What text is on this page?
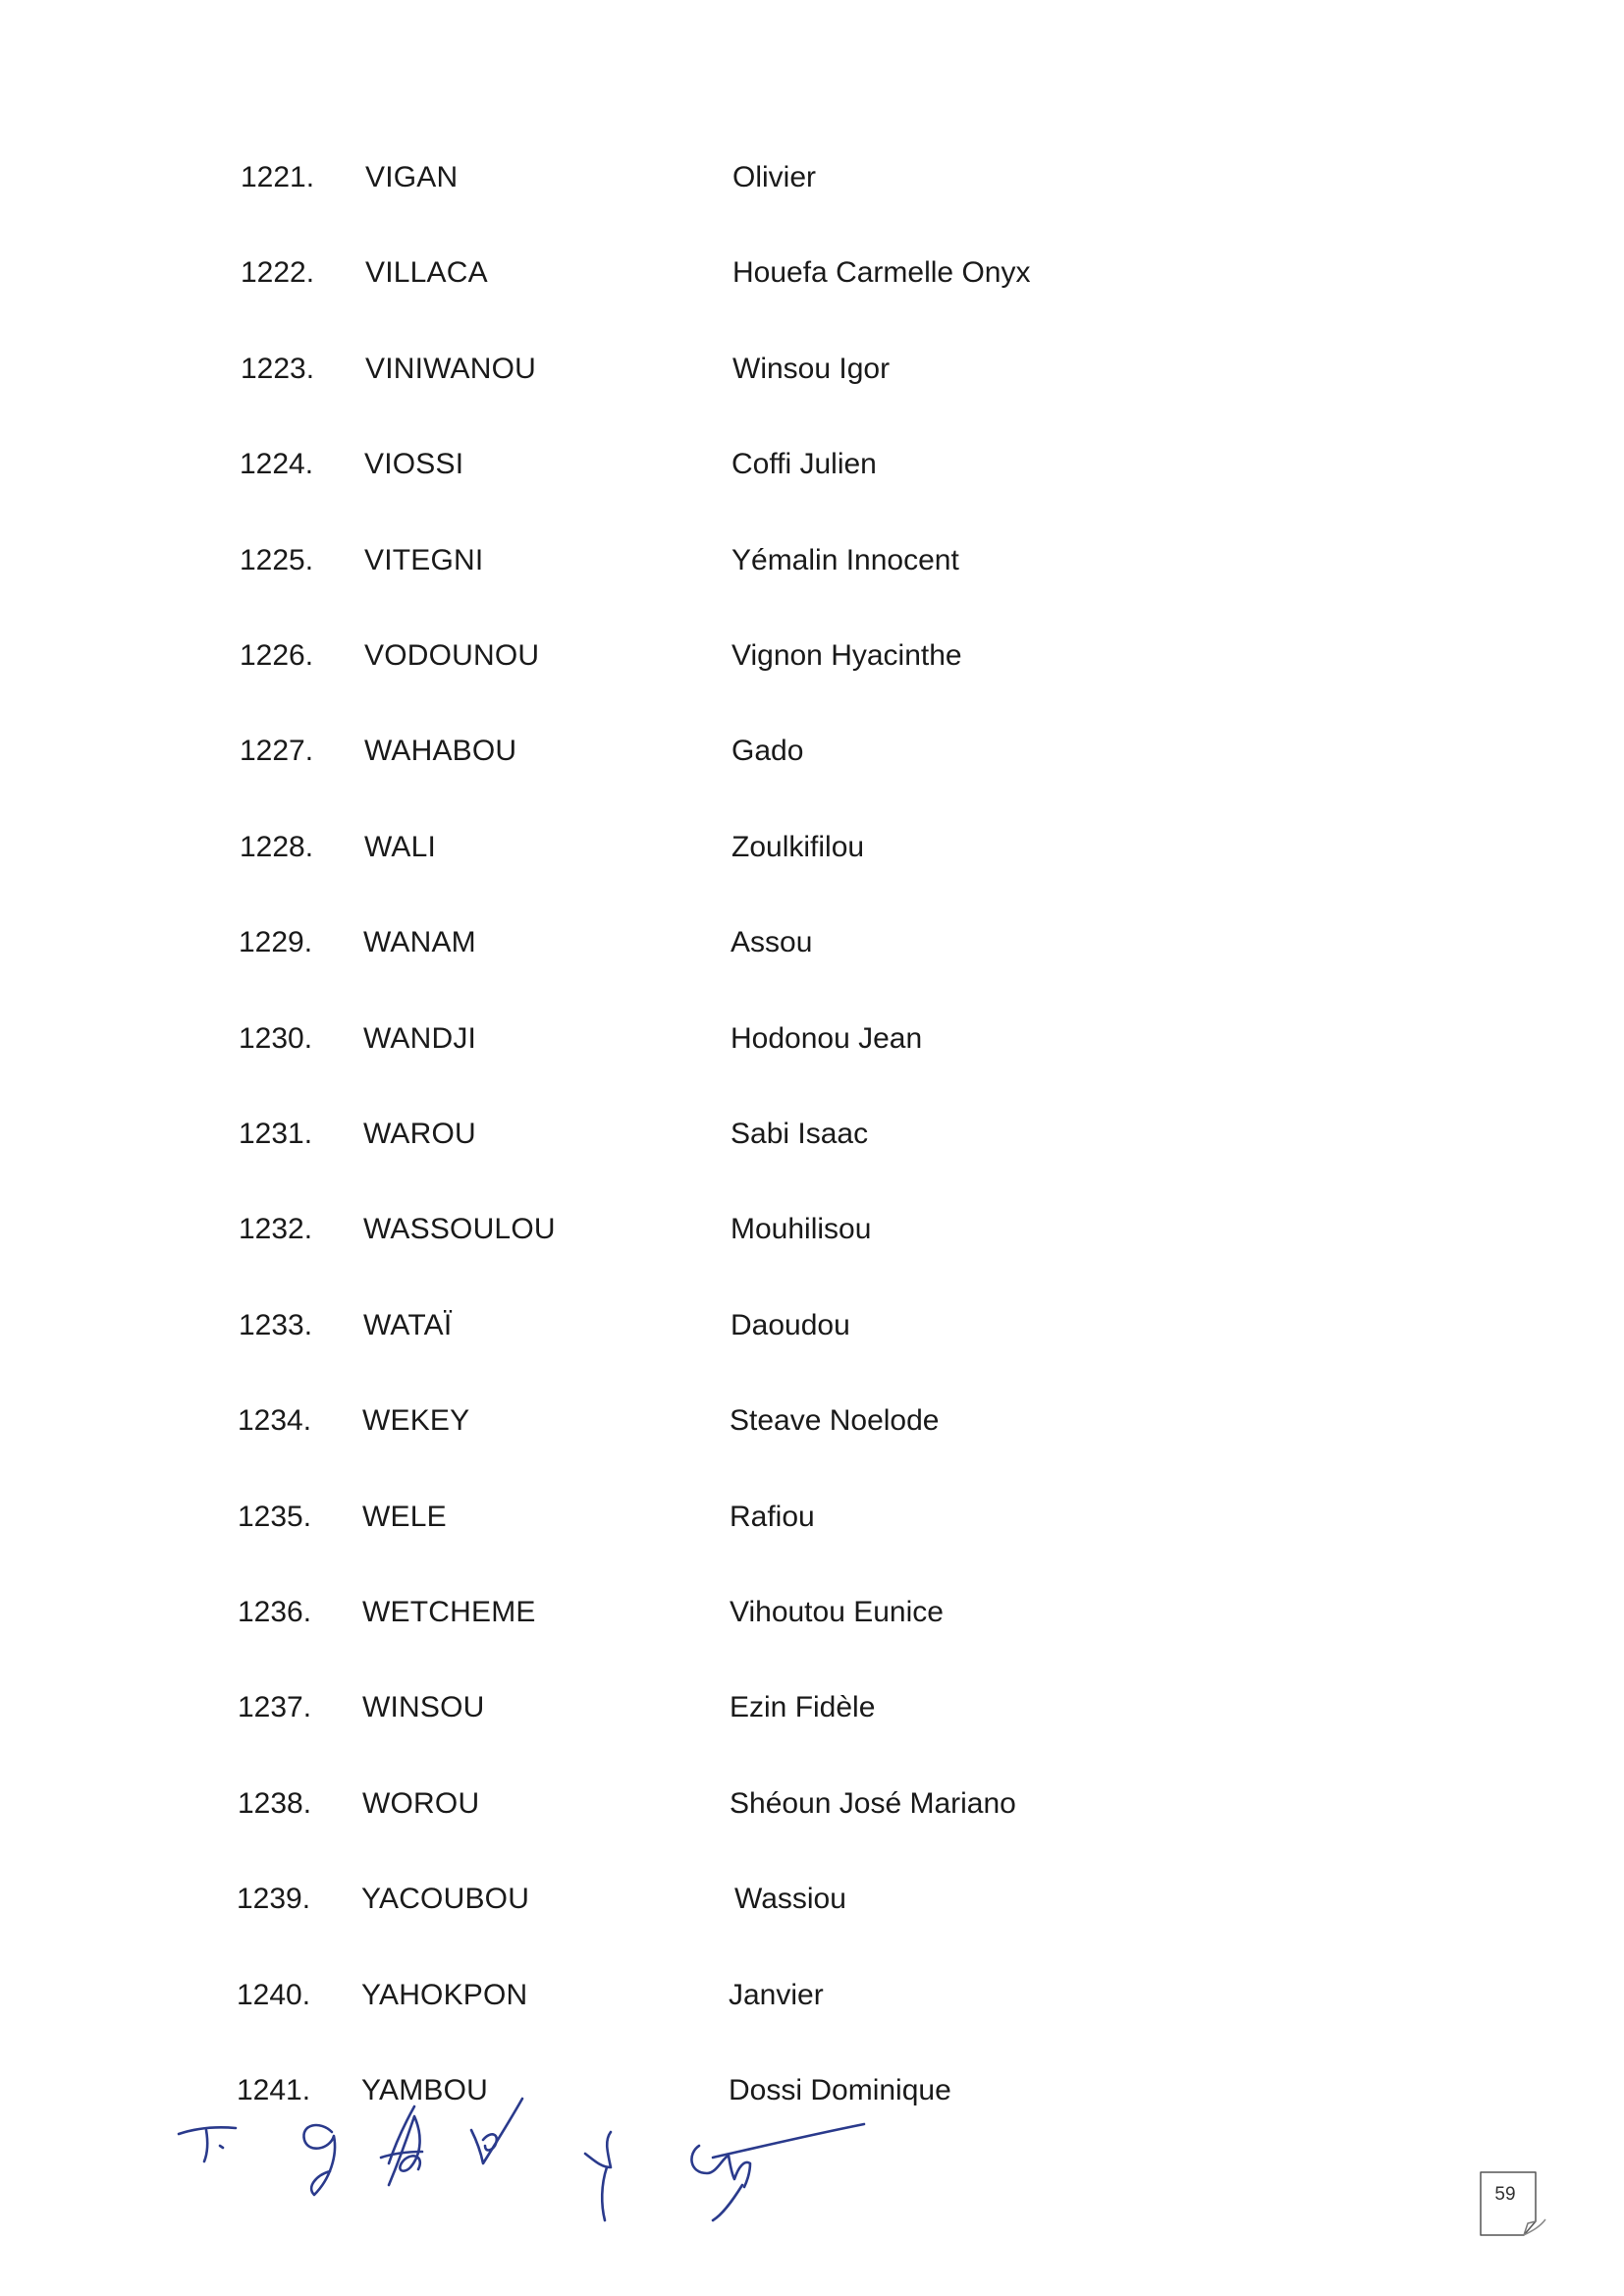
1221. VIGAN	Olivier
1222. VILLACA	Houefa Carmelle Onyx
1223. VINIWANOU	Winsou Igor
1224. VIOSSI	Coffi Julien
1225. VITEGNI	Yémalin Innocent
1226. VODOUNOU	Vignon Hyacinthe
1227. WAHABOU	Gado
1228. WALI	Zoulkifilou
1229. WANAM	Assou
1230. WANDJI	Hodonou Jean
1231. WAROU	Sabi Isaac
1232. WASSOULOU	Mouhilisou
1233. WATAÏ	Daoudou
1234. WEKEY	Steave Noelode
1235. WELE	Rafiou
1236. WETCHEME	Vihoutou Eunice
1237. WINSOU	Ezin Fidèle
1238. WOROU	Shéoun José Mariano
1239. YACOUBOU	Wassiou
1240. YAHOKPON	Janvier
1241. YAMBOU	Dossi Dominique
59
